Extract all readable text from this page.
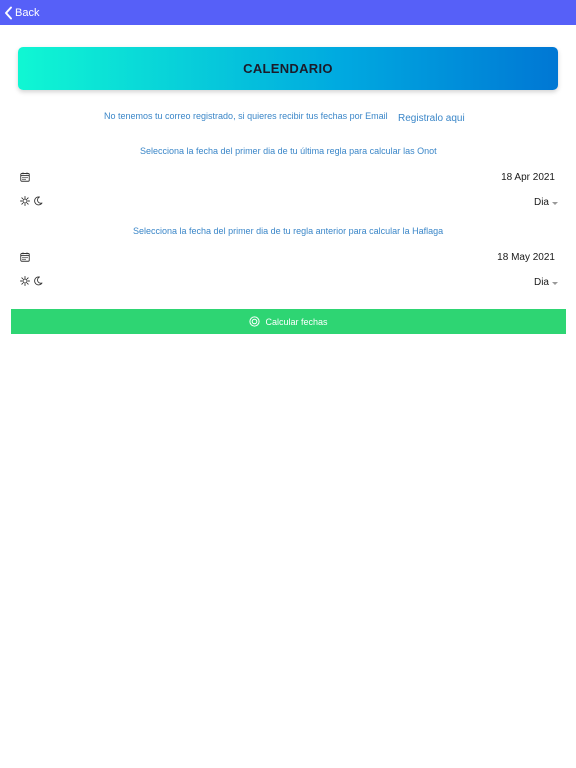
Back
CALENDARIO
No tenemos tu correo registrado, si quieres recibir tus fechas por Email Registralo aqui
Selecciona la fecha del primer dia de tu última regla para calcular las Onot
18 Apr 2021
Dia
Selecciona la fecha del primer dia de tu regla anterior para calcular la Haflaga
18 May 2021
Dia
Calcular fechas
